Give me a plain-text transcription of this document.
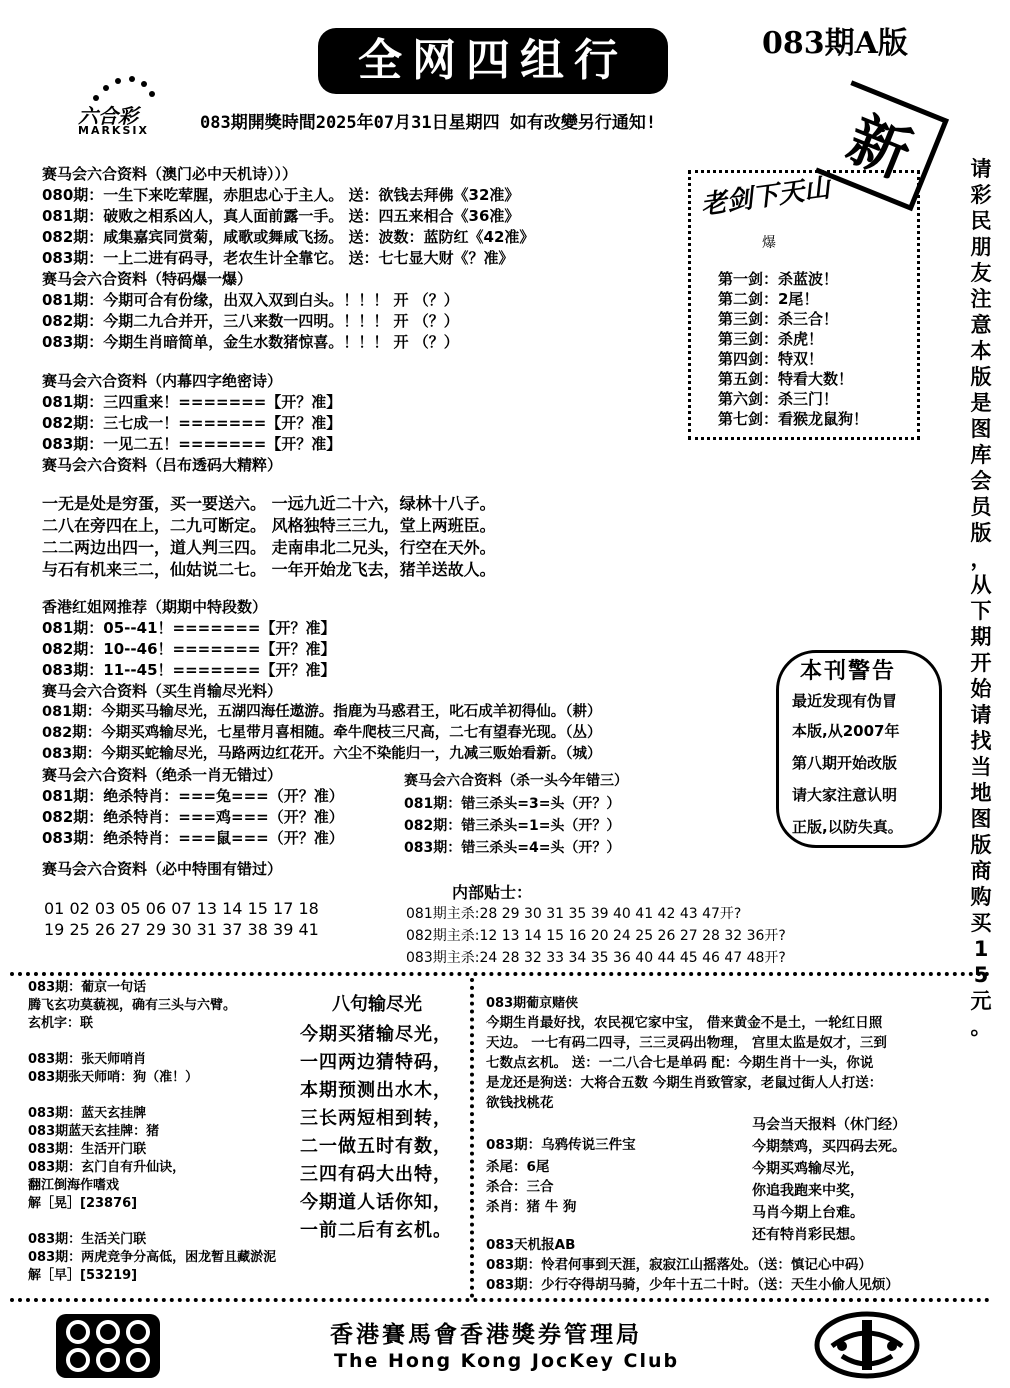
全网四组行	083期A版
六合彩
MARKSIX	083期開獎時間2025年07月31日星期四 如有改變另行通知!	新
赛马会六合资料（澳门必中天机诗）））
080期：一生下来吃荤腥，赤胆忠心于主人。 送：欲钱去拜佛《32准》
081期：破败之相系凶人，真人面前露一手。 送：四五来相合《36准》
082期：咸集嘉宾同赏菊，咸歌或舞咸飞扬。 送：波数：蓝防红《42准》
083期：一上二进有码寻，老农生计全靠它。 送：七七显大财《？准》
赛马会六合资料（特码爆一爆）
081期：今期可合有份缘，出双入双到白头。！！！ 开 （？）
082期：今期二九合并开，三八来数一四明。！！！ 开 （？）
083期：今期生肖暗简单，金生水数猪惊喜。！！！ 开 （？）
赛马会六合资料（内幕四字绝密诗）
081期：三四重来！=======【开？准】
082期：三七成一！=======【开？准】
083期：一见二五！=======【开？准】
赛马会六合资料（吕布透码大精粹）
一无是处是穷蛋，买一要送六。 一远九近二十六，绿林十八子。
二八在旁四在上，二九可断定。 风格独特三三九，堂上两班臣。
二二两边出四一，道人判三四。 走南串北二兄头，行空在天外。
与石有机来三二，仙姑说二七。 一年开始龙飞去，猪羊送故人。
香港红姐网推荐（期期中特段数）
081期：05--41！=======【开？准】
082期：10--46！=======【开？准】
083期：11--45！=======【开？准】
赛马会六合资料（买生肖输尽光料）
081期：今期买马输尽光，五湖四海任遨游。指鹿为马惑君王，叱石成羊初得仙。（耕）
082期：今期买鸡输尽光，七星带月喜相随。牵牛爬枝三尺高，二七有望春光现。（丛）
083期：今期买蛇输尽光，马路两边红花开。六尘不染能归一，九减三贩始看新。（城）
赛马会六合资料（绝杀一肖无错过）
081期：绝杀特肖：===兔===（开？准）
082期：绝杀特肖：===鸡===（开？准）
083期：绝杀特肖：===鼠===（开？准）
赛马会六合资料（必中特围有错过）
01 02 03 05 06 07 13 14 15 17 18
19 25 26 27 29 30 31 37 38 39 41
赛马会六合资料（杀一头今年错三）
081期：错三杀头=3=头（开？）
082期：错三杀头=1=头（开？）
083期：错三杀头=4=头（开？）
内部贴士：
081期主杀:28 29 30 31 35 39 40 41 42 43 47开?
082期主杀:12 13 14 15 16 20 24 25 26 27 28 32 36开?
083期主杀:24 28 32 33 34 35 36 40 44 45 46 47 48开?
老剑下天山
爆
第一剑：杀蓝波！
第二剑：2尾！
第三剑：杀三合！
第三剑：杀虎！
第四剑：特双！
第五剑：特看大数！
第六剑：杀三门！
第七剑：看猴龙鼠狗！
请
彩
民
朋
友
注
意
本
版
是
图
库
会
员
版
，
从
下
期
开
始
请
找
当
地
图
版
商
购
买
1
5
元
。
本刊警告
最近发现有伪冒
本版,从2007年
第八期开始改版
请大家注意认明
正版,以防失真。
083期：葡京一句话
腾飞玄功莫藐视，确有三头与六臂。
玄机字：联
083期：张天师哨肖
083期张天师哨：狗（准！）
083期：蓝天玄挂牌
083期蓝天玄挂牌：猪
083期：生活开门联
083期：玄门自有升仙诀，
翻江倒海作嗜戏
解［晃］[23876]
083期：生活关门联
083期：两虎竞争分高低，困龙暂且藏淤泥
解［早］[53219]
八句输尽光
今期买猪输尽光，
一四两边猜特码，
本期预测出水木，
三长两短相到转，
二一做五时有数，
三四有码大出特，
今期道人话你知，
一前二后有玄机。
083期葡京赌侠
今期生肖最好找，农民视它家中宝， 借来黄金不是土，一轮红日照
天边。 一七有码二四寻，三三灵码出物理， 宫里太监是奴才，三到
七数点玄机。 送：一二八合七是单码 配：今期生肖十一头，你说
是龙还是狗送：大将合五数 今期生肖致管家，老鼠过街人人打送：
欲钱找桃花
083期：乌鸦传说三件宝
杀尾：6尾
杀合：三合
杀肖：猪 牛 狗
马会当天报料（休门经）
今期禁鸡，买四码去死。
今期买鸡输尽光，
你追我跑来中奖，
马肖今期上台难。
还有特肖彩民想。
083天机报AB
083期：怜君何事到天涯，寂寂江山摇落处。（送：慎记心中码）
083期：少行夺得胡马骑，少年十五二十时。（送：天生小偷人见烦）
香港賽馬會香港獎券管理局
The Hong Kong JocKey Club
